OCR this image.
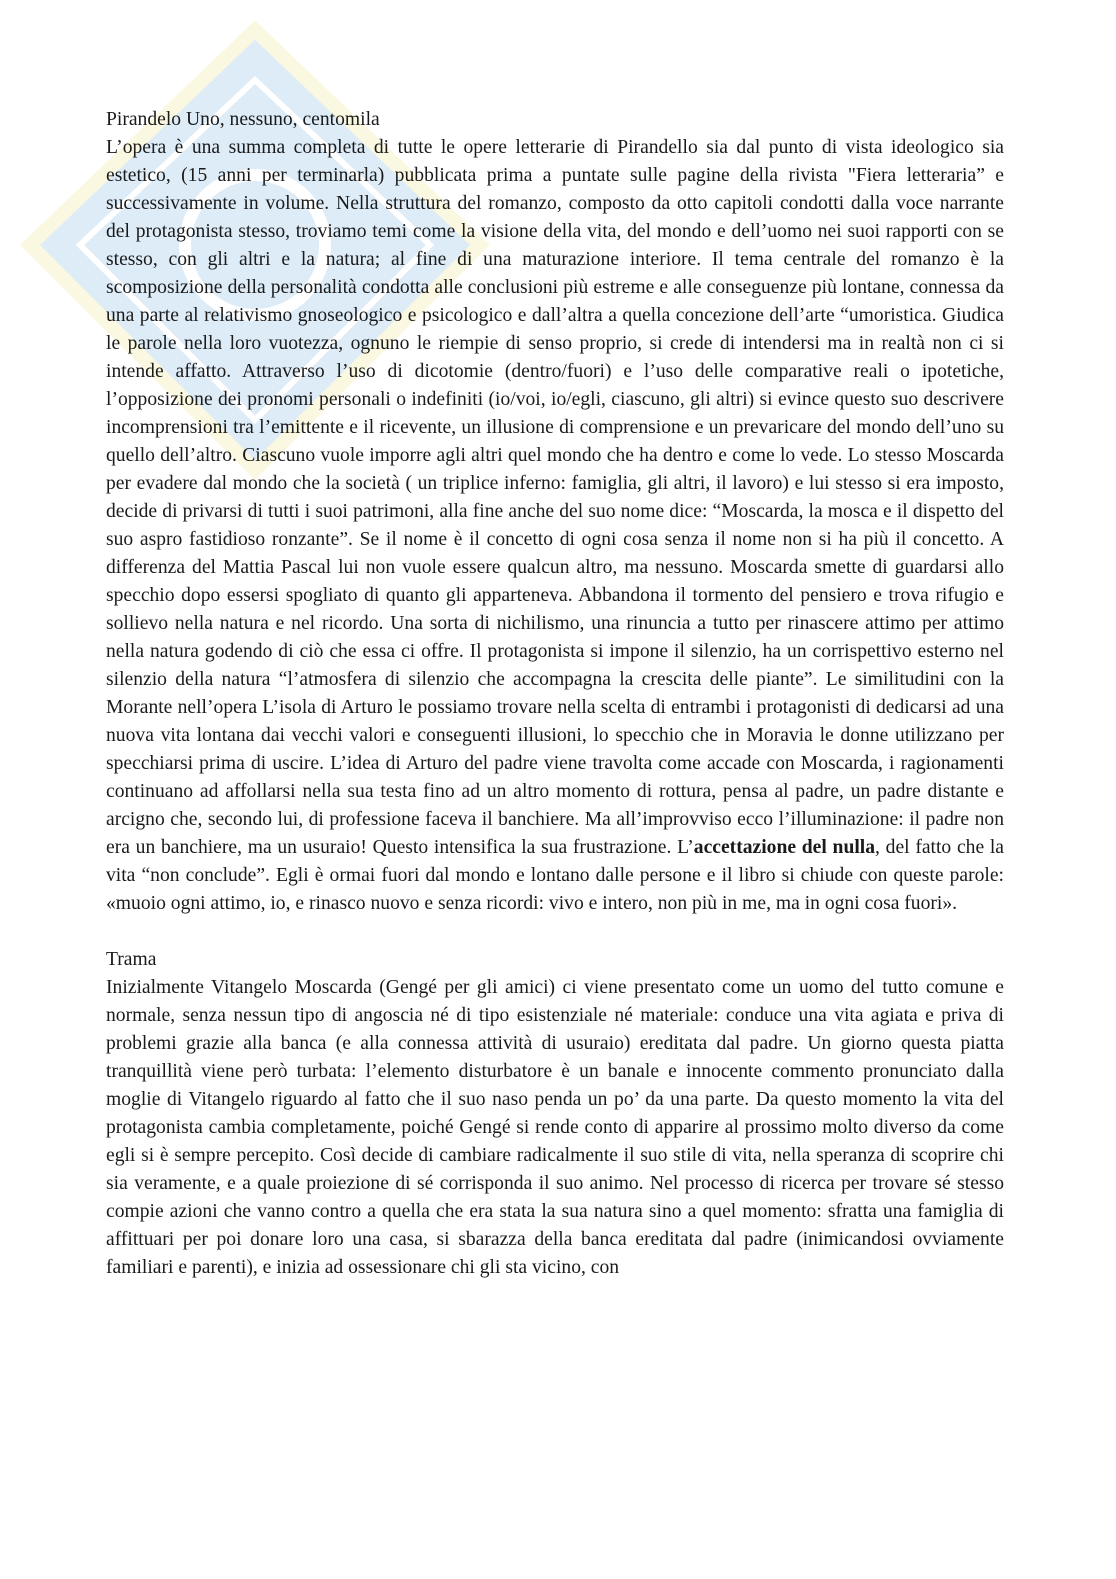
Pirandelo Uno, nessuno, centomila

L’opera è una summa completa di tutte le opere letterarie di Pirandello sia dal punto di vista ideologico sia estetico, (15 anni per terminarla) pubblicata prima a puntate sulle pagine della rivista "Fiera letteraria” e successivamente in volume. Nella struttura del romanzo, composto da otto capitoli condotti dalla voce narrante del protagonista stesso, troviamo temi come la visione della vita, del mondo e dell’uomo nei suoi rapporti con se stesso, con gli altri e la natura; al fine di una maturazione interiore. Il tema centrale del romanzo è la scomposizione della personalità condotta alle conclusioni più estreme e alle conseguenze più lontane, connessa da una parte al relativismo gnoseologico e psicologico e dall’altra a quella concezione dell’arte “umoristica. Giudica le parole nella loro vuotezza, ognuno le riempie di senso proprio, si crede di intendersi ma in realtà non ci si intende affatto. Attraverso l’uso di dicotomie (dentro/fuori) e l’uso delle comparative reali o ipotetiche, l’opposizione dei pronomi personali o indefiniti (io/voi, io/egli, ciascuno, gli altri) si evince questo suo descrivere incomprensioni tra l’emittente e il ricevente, un illusione di comprensione e un prevaricare del mondo dell’uno su quello dell’altro. Ciascuno vuole imporre agli altri quel mondo che ha dentro e come lo vede. Lo stesso Moscarda per evadere dal mondo che la società ( un triplice inferno: famiglia, gli altri, il lavoro) e lui stesso si era imposto, decide di privarsi di tutti i suoi patrimoni, alla fine anche del suo nome dice: “Moscarda, la mosca e il dispetto del suo aspro fastidioso ronzante”. Se il nome è il concetto di ogni cosa senza il nome non si ha più il concetto. A differenza del Mattia Pascal lui non vuole essere qualcun altro, ma nessuno. Moscarda smette di guardarsi allo specchio dopo essersi spogliato di quanto gli apparteneva. Abbandona il tormento del pensiero e trova rifugio e sollievo nella natura e nel ricordo. Una sorta di nichilismo, una rinuncia a tutto per rinascere attimo per attimo nella natura godendo di ciò che essa ci offre. Il protagonista si impone il silenzio, ha un corrispettivo esterno nel silenzio della natura “l’atmosfera di silenzio che accompagna la crescita delle piante”. Le similitudini con la Morante nell’opera L’isola di Arturo le possiamo trovare nella scelta di entrambi i protagonisti di dedicarsi ad una nuova vita lontana dai vecchi valori e conseguenti illusioni, lo specchio che in Moravia le donne utilizzano per specchiarsi prima di uscire. L’idea di Arturo del padre viene travolta come accade con Moscarda, i ragionamenti continuano ad affollarsi nella sua testa fino ad un altro momento di rottura, pensa al padre, un padre distante e arcigno che, secondo lui, di professione faceva il banchiere. Ma all’improvviso ecco l’illuminazione: il padre non era un banchiere, ma un usuraio! Questo intensifica la sua frustrazione. L’accettazione del nulla, del fatto che la vita “non conclude”. Egli è ormai fuori dal mondo e lontano dalle persone e il libro si chiude con queste parole: «muoio ogni attimo, io, e rinasco nuovo e senza ricordi: vivo e intero, non più in me, ma in ogni cosa fuori».

Trama

Inizialmente Vitangelo Moscarda (Gengé per gli amici) ci viene presentato come un uomo del tutto comune e normale, senza nessun tipo di angoscia né di tipo esistenziale né materiale: conduce una vita agiata e priva di problemi grazie alla banca (e alla connessa attività di usuraio) ereditata dal padre. Un giorno questa piatta tranquillità viene però turbata: l’elemento disturbatore è un banale e innocente commento pronunciato dalla moglie di Vitangelo riguardo al fatto che il suo naso penda un po’ da una parte. Da questo momento la vita del protagonista cambia completamente, poiché Gengé si rende conto di apparire al prossimo molto diverso da come egli si è sempre percepito. Così decide di cambiare radicalmente il suo stile di vita, nella speranza di scoprire chi sia veramente, e a quale proiezione di sé corrisponda il suo animo. Nel processo di ricerca per trovare sé stesso compie azioni che vanno contro a quella che era stata la sua natura sino a quel momento: sfratta una famiglia di affittuari per poi donare loro una casa, si sbarazza della banca ereditata dal padre (inimicandosi ovviamente familiari e parenti), e inizia ad ossessionare chi gli sta vicino, con
